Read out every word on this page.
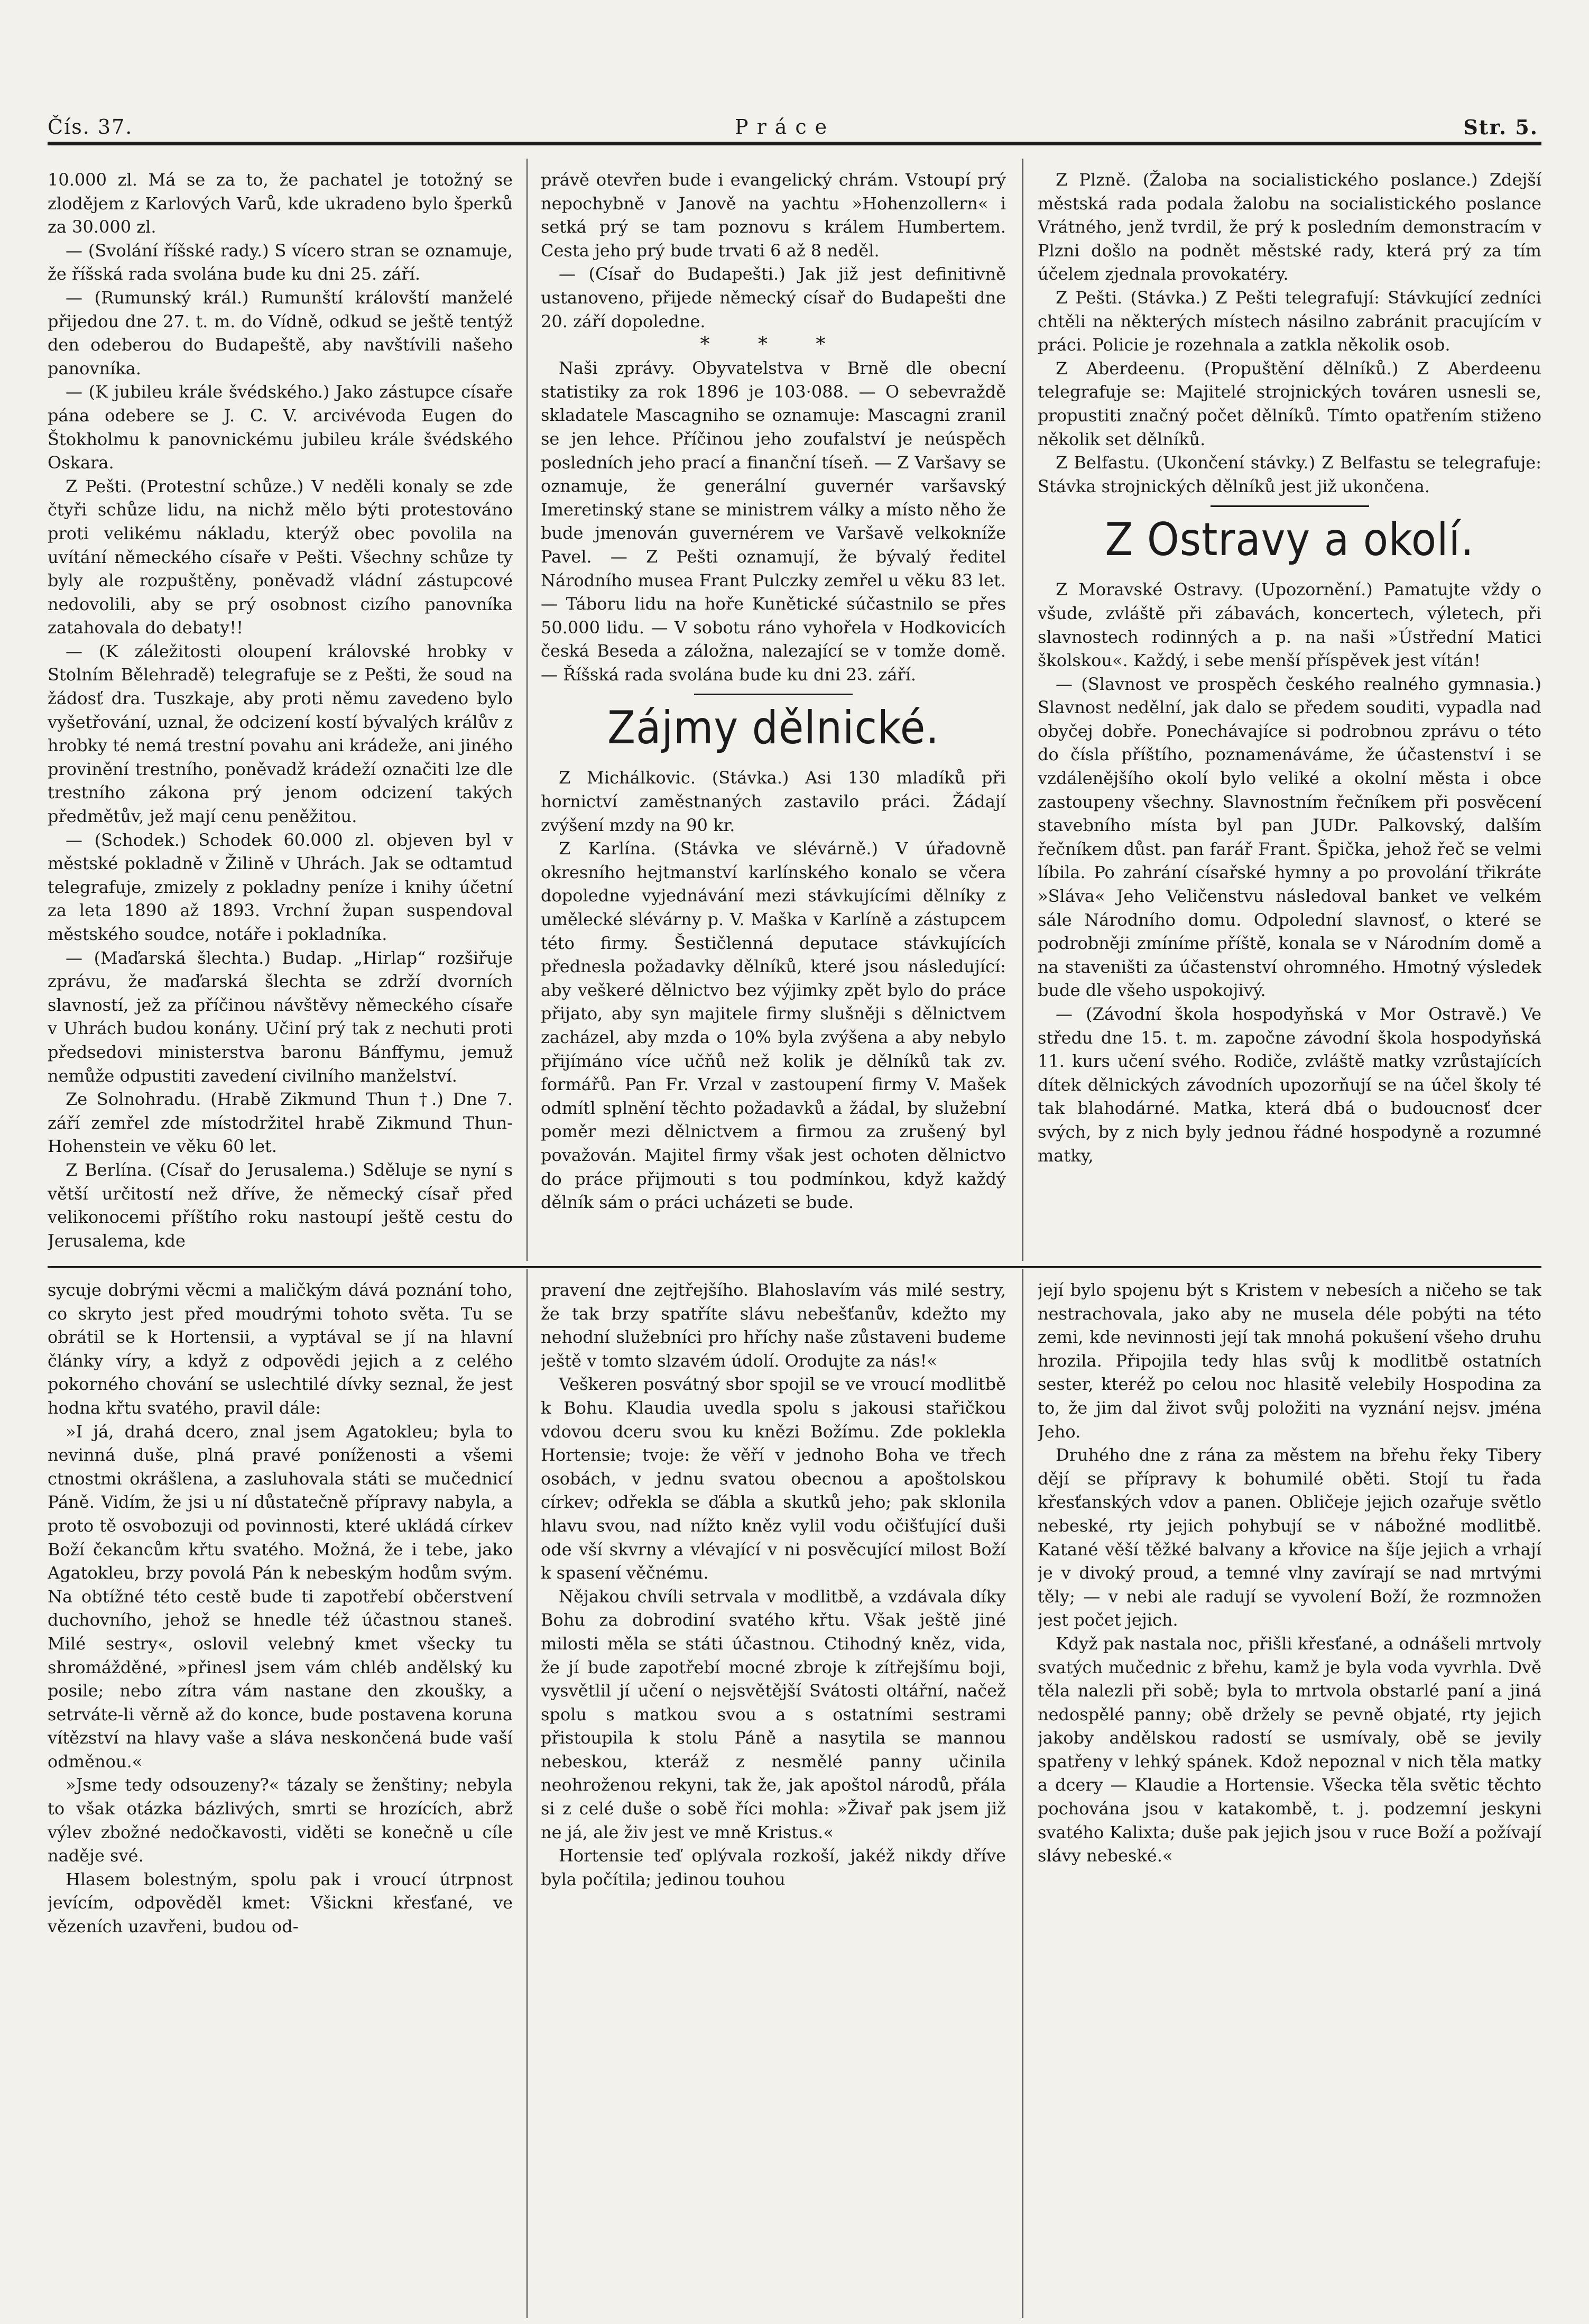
Čís. 37.	Práce	Str. 5.

10.000 zl. Má se za to, že pachatel je totožný se zlodějem z Karlových Varů, kde ukradeno bylo šperků za 30.000 zl.

— (Svolání říšské rady.) S vícero stran se oznamuje, že říšská rada svolána bude ku dni 25. září.

— (Rumunský král.) Rumunští královští manželé přijedou dne 27. t. m. do Vídně, odkud se ještě tentýž den odeberou do Budapeště, aby navštívili našeho panovníka.

— (K jubileu krále švédského.) Jako zástupce císaře pána odebere se J. C. V. arcivévoda Eugen do Štokholmu k panovnickému jubileu krále švédského Oskara.

Z Pešti. (Protestní schůze.) V neděli konaly se zde čtyři schůze lidu, na nichž mělo býti protestováno proti velikému nákladu, kterýž obec povolila na uvítání německého císaře v Pešti. Všechny schůze ty byly ale rozpuštěny, poněvadž vládní zástupcové nedovolili, aby se prý osobnost cizího panovníka zatahovala do debaty!!

— (K záležitosti oloupení královské hrobky v Stolním Bělehradě) telegrafuje se z Pešti, že soud na žádosť dra. Tuszkaje, aby proti němu zavedeno bylo vyšetřování, uznal, že odcizení kostí bývalých králův z hrobky té nemá trestní povahu ani krádeže, ani jiného provinění trestního, poněvadž krádeží označiti lze dle trestního zákona prý jenom odcizení takých předmětův, jež mají cenu peněžitou.

— (Schodek.) Schodek 60.000 zl. objeven byl v městské pokladně v Žilině v Uhrách. Jak se odtamtud telegrafuje, zmizely z pokladny peníze i knihy účetní za leta 1890 až 1893. Vrchní župan suspendoval městského soudce, notáře i pokladníka.

— (Maďarská šlechta.) Budap. „Hirlap“ rozšiřuje zprávu, že maďarská šlechta se zdrží dvorních slavností, jež za příčinou návštěvy německého císaře v Uhrách budou konány. Učiní prý tak z nechuti proti předsedovi ministerstva baronu Bánffymu, jemuž nemůže odpustiti zavedení civilního manželství.

Ze Solnohradu. (Hrabě Zikmund Thun †.) Dne 7. září zemřel zde místodržitel hrabě Zikmund Thun-Hohenstein ve věku 60 let.

Z Berlína. (Císař do Jerusalema.) Sděluje se nyní s větší určitostí než dříve, že německý císař před velikonocemi příštího roku nastoupí ještě cestu do Jerusalema, kde

právě otevřen bude i evangelický chrám. Vstoupí prý nepochybně v Janově na yachtu »Hohenzollern« i setká prý se tam poznovu s králem Humbertem. Cesta jeho prý bude trvati 6 až 8 neděl.

— (Císař do Budapešti.) Jak již jest definitivně ustanoveno, přijede německý císař do Budapešti dne 20. září dopoledne.

* * *

Naši zprávy. Obyvatelstva v Brně dle obecní statistiky za rok 1896 je 103·088. — O sebevraždě skladatele Mascagniho se oznamuje: Mascagni zranil se jen lehce. Příčinou jeho zoufalství je neúspěch posledních jeho prací a finanční tíseň. — Z Varšavy se oznamuje, že generální guvernér varšavský Imeretinský stane se ministrem války a místo něho že bude jmenován guvernérem ve Varšavě velkokníže Pavel. — Z Pešti oznamují, že bývalý ředitel Národního musea Frant Pulczky zemřel u věku 83 let. — Táboru lidu na hoře Kunětické súčastnilo se přes 50.000 lidu. — V sobotu ráno vyhořela v Hodkovicích česká Beseda a záložna, nalezající se v tomže domě. — Říšská rada svolána bude ku dni 23. září.

Zájmy dělnické.

Z Michálkovic. (Stávka.) Asi 130 mladíků při hornictví zaměstnaných zastavilo práci. Žádají zvýšení mzdy na 90 kr.

Z Karlína. (Stávka ve slévárně.) V úřadovně okresního hejtmanství karlínského konalo se včera dopoledne vyjednávání mezi stávkujícími dělníky z umělecké slévárny p. V. Maška v Karlíně a zástupcem této firmy. Šestičlenná deputace stávkujících přednesla požadavky dělníků, které jsou následující: aby veškeré dělnictvo bez výjimky zpět bylo do práce přijato, aby syn majitele firmy slušněji s dělnictvem zacházel, aby mzda o 10% byla zvýšena a aby nebylo přijímáno více učňů než kolik je dělníků tak zv. formářů. Pan Fr. Vrzal v zastoupení firmy V. Mašek odmítl splnění těchto požadavků a žádal, by služební poměr mezi dělnictvem a firmou za zrušený byl považován. Majitel firmy však jest ochoten dělnictvo do práce přijmouti s tou podmínkou, když každý dělník sám o práci ucházeti se bude.

Z Plzně. (Žaloba na socialistického poslance.) Zdejší městská rada podala žalobu na socialistického poslance Vrátného, jenž tvrdil, že prý k posledním demonstracím v Plzni došlo na podnět městské rady, která prý za tím účelem zjednala provokatéry.

Z Pešti. (Stávka.) Z Pešti telegrafují: Stávkující zedníci chtěli na některých místech násilno zabránit pracujícím v práci. Policie je rozehnala a zatkla několik osob.

Z Aberdeenu. (Propuštění dělníků.) Z Aberdeenu telegrafuje se: Majitelé strojnických továren usnesli se, propustiti značný počet dělníků. Tímto opatřením stiženo několik set dělníků.

Z Belfastu. (Ukončení stávky.) Z Belfastu se telegrafuje: Stávka strojnických dělníků jest již ukončena.

Z Ostravy a okolí.

Z Moravské Ostravy. (Upozornění.) Pamatujte vždy o všude, zvláště při zábavách, koncertech, výletech, při slavnostech rodinných a p. na naši »Ústřední Matici školskou«. Každý, i sebe menší příspěvek jest vítán!

— (Slavnost ve prospěch českého realného gymnasia.) Slavnost nedělní, jak dalo se předem souditi, vypadla nad obyčej dobře. Ponechávajíce si podrobnou zprávu o této do čísla příštího, poznamenáváme, že účastenství i se vzdálenějšího okolí bylo veliké a okolní města i obce zastoupeny všechny. Slavnostním řečníkem při posvěcení stavebního místa byl pan JUDr. Palkovský, dalším řečníkem důst. pan farář Frant. Špička, jehož řeč se velmi líbila. Po zahrání císařské hymny a po provolání třikráte »Sláva« Jeho Veličenstvu následoval banket ve velkém sále Národního domu. Odpolední slavnosť, o které se podrobněji zmíníme příště, konala se v Národním domě a na staveništi za účastenství ohromného. Hmotný výsledek bude dle všeho uspokojivý.

— (Závodní škola hospodyňská v Mor Ostravě.) Ve středu dne 15. t. m. započne závodní škola hospodyňská 11. kurs učení svého. Rodiče, zvláště matky vzrůstajících dítek dělnických závodních upozorňují se na účel školy té tak blahodárné. Matka, která dbá o budoucnosť dcer svých, by z nich byly jednou řádné hospodyně a rozumné matky,

sycuje dobrými věcmi a maličkým dává poznání toho, co skryto jest před moudrými tohoto světa. Tu se obrátil se k Hortensii, a vyptával se jí na hlavní články víry, a když z odpovědi jejich a z celého pokorného chování se uslechtilé dívky seznal, že jest hodna křtu svatého, pravil dále:

»I já, drahá dcero, znal jsem Agatokleu; byla to nevinná duše, plná pravé poníženosti a všemi ctnostmi okrášlena, a zasluhovala státi se mučednicí Páně. Vidím, že jsi u ní důstatečně přípravy nabyla, a proto tě osvobozuji od povinnosti, které ukládá církev Boží čekancům křtu svatého. Možná, že i tebe, jako Agatokleu, brzy povolá Pán k nebeským hodům svým. Na obtížné této cestě bude ti zapotřebí občerstvení duchovního, jehož se hnedle též účastnou staneš. Milé sestry«, oslovil velebný kmet všecky tu shromážděné, »přinesl jsem vám chléb andělský ku posile; nebo zítra vám nastane den zkoušky, a setrváte-li věrně až do konce, bude postavena koruna vítězství na hlavy vaše a sláva neskončená bude vaší odměnou.«

»Jsme tedy odsouzeny?« tázaly se ženštiny; nebyla to však otázka bázlivých, smrti se hrozících, abrž výlev zbožné nedočkavosti, viděti se konečně u cíle naděje své.

Hlasem bolestným, spolu pak i vroucí útrpnost jevícím, odpověděl kmet: Všickni křesťané, ve vězeních uzavřeni, budou od-

pravení dne zejtřejšího. Blahoslavím vás milé sestry, že tak brzy spatříte slávu nebešťanův, kdežto my nehodní služebníci pro hříchy naše zůstaveni budeme ještě v tomto slzavém údolí. Orodujte za nás!«

Veškeren posvátný sbor spojil se ve vroucí modlitbě k Bohu. Klaudia uvedla spolu s jakousi stařičkou vdovou dceru svou ku knězi Božímu. Zde poklekla Hortensie; tvoje: že věří v jednoho Boha ve třech osobách, v jednu svatou obecnou a apoštolskou církev; odřekla se ďábla a skutků jeho; pak sklonila hlavu svou, nad nížto kněz vylil vodu očišťující duši ode vší skvrny a vlévající v ni posvěcující milost Boží k spasení věčnému.

Nějakou chvíli setrvala v modlitbě, a vzdávala díky Bohu za dobrodiní svatého křtu. Však ještě jiné milosti měla se státi účastnou. Ctihodný kněz, vida, že jí bude zapotřebí mocné zbroje k zítřejšímu boji, vysvětlil jí učení o nejsvětější Svátosti oltářní, načež spolu s matkou svou a s ostatními sestrami přistoupila k stolu Páně a nasytila se mannou nebeskou, kteráž z nesmělé panny učinila neohroženou rekyni, tak že, jak apoštol národů, přála si z celé duše o sobě říci mohla: »Živař pak jsem již ne já, ale živ jest ve mně Kristus.«

Hortensie teď oplývala rozkoší, jakéž nikdy dříve byla počítila; jedinou touhou

její bylo spojenu být s Kristem v nebesích a ničeho se tak nestrachovala, jako aby ne musela déle pobýti na této zemi, kde nevinnosti její tak mnohá pokušení všeho druhu hrozila. Připojila tedy hlas svůj k modlitbě ostatních sester, kteréž po celou noc hlasitě velebily Hospodina za to, že jim dal život svůj položiti na vyznání nejsv. jména Jeho.

Druhého dne z rána za městem na břehu řeky Tibery dějí se přípravy k bohumilé oběti. Stojí tu řada křesťanských vdov a panen. Obličeje jejich ozařuje světlo nebeské, rty jejich pohybují se v nábožné modlitbě. Katané věší těžké balvany a křovice na šíje jejich a vrhají je v divoký proud, a temné vlny zavírají se nad mrtvými těly; — v nebi ale radují se vyvolení Boží, že rozmnožen jest počet jejich.

Když pak nastala noc, přišli křesťané, a odnášeli mrtvoly svatých mučednic z břehu, kamž je byla voda vyvrhla. Dvě těla nalezli při sobě; byla to mrtvola obstarlé paní a jiná nedospělé panny; obě držely se pevně objaté, rty jejich jakoby andělskou radostí se usmívaly, obě se jevily spatřeny v lehký spánek. Kdož nepoznal v nich těla matky a dcery — Klaudie a Hortensie. Všecka těla světic těchto pochována jsou v katakombě, t. j. podzemní jeskyni svatého Kalixta; duše pak jejich jsou v ruce Boží a požívají slávy nebeské.«
